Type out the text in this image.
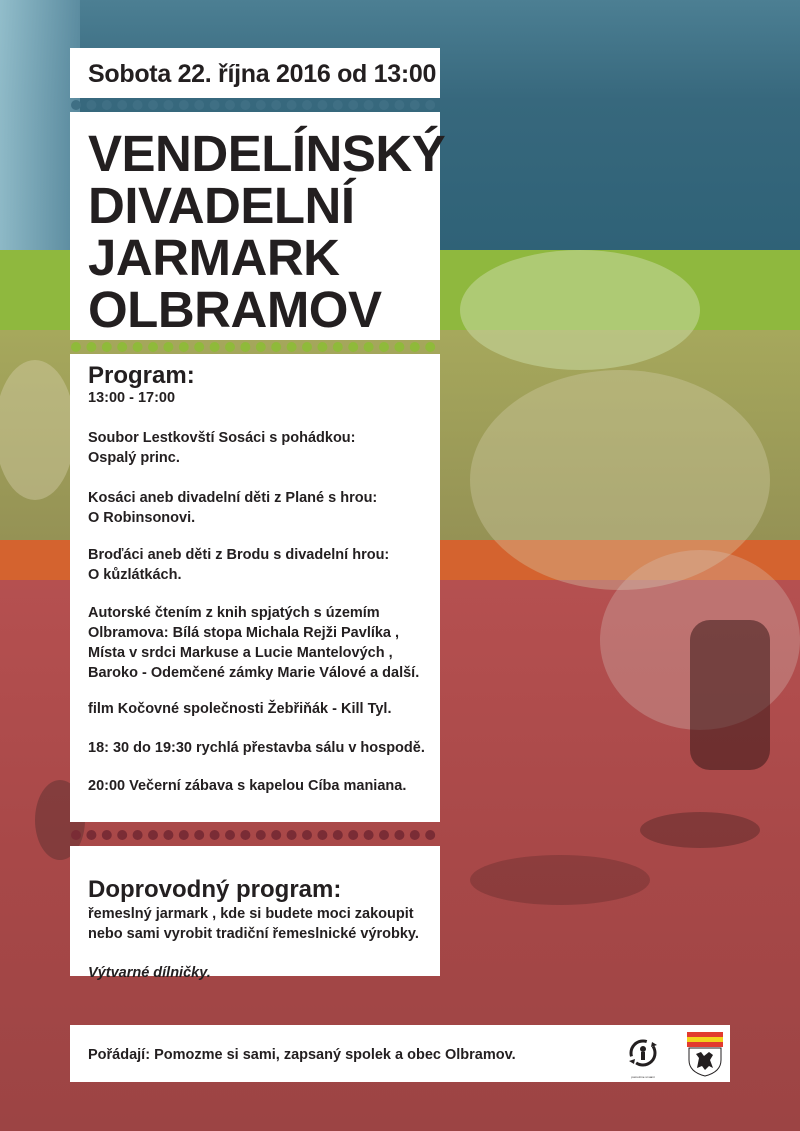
Sobota 22. října 2016 od 13:00
VENDELÍNSKÝ
DIVADELNÍ
JARMARK
OLBRAMOV
Program:
13:00 - 17:00

Soubor Lestkovští Sosáci s pohádkou:

Ospalý princ.

Kosáci aneb divadelní děti z Plané s hrou:

O Robinsonovi.

Broďáci aneb děti z Brodu s divadelní hrou:

O kůzlátkách.

Autorské čtením z knih spjatých s územím

Olbramova: Bílá stopa Michala Rejži Pavlíka ,

Místa v srdci Markuse a Lucie Mantelových ,

Baroko - Odemčené zámky Marie Válové a další.

film Kočovné společnosti Žebřiňák - Kill Tyl.

18: 30 do 19:30 rychlá přestavba sálu v hospodě.

20:00 Večerní zábava s kapelou Cíba maniana.

Doprovodný program:

řemeslný jarmark , kde si budete moci zakoupit

nebo sami vyrobit tradiční řemeslnické výrobky.

Výtvarné dílničky.
Pořádají: Pomozme si sami, zapsaný spolek a obec Olbramov.
pomozme si sami
